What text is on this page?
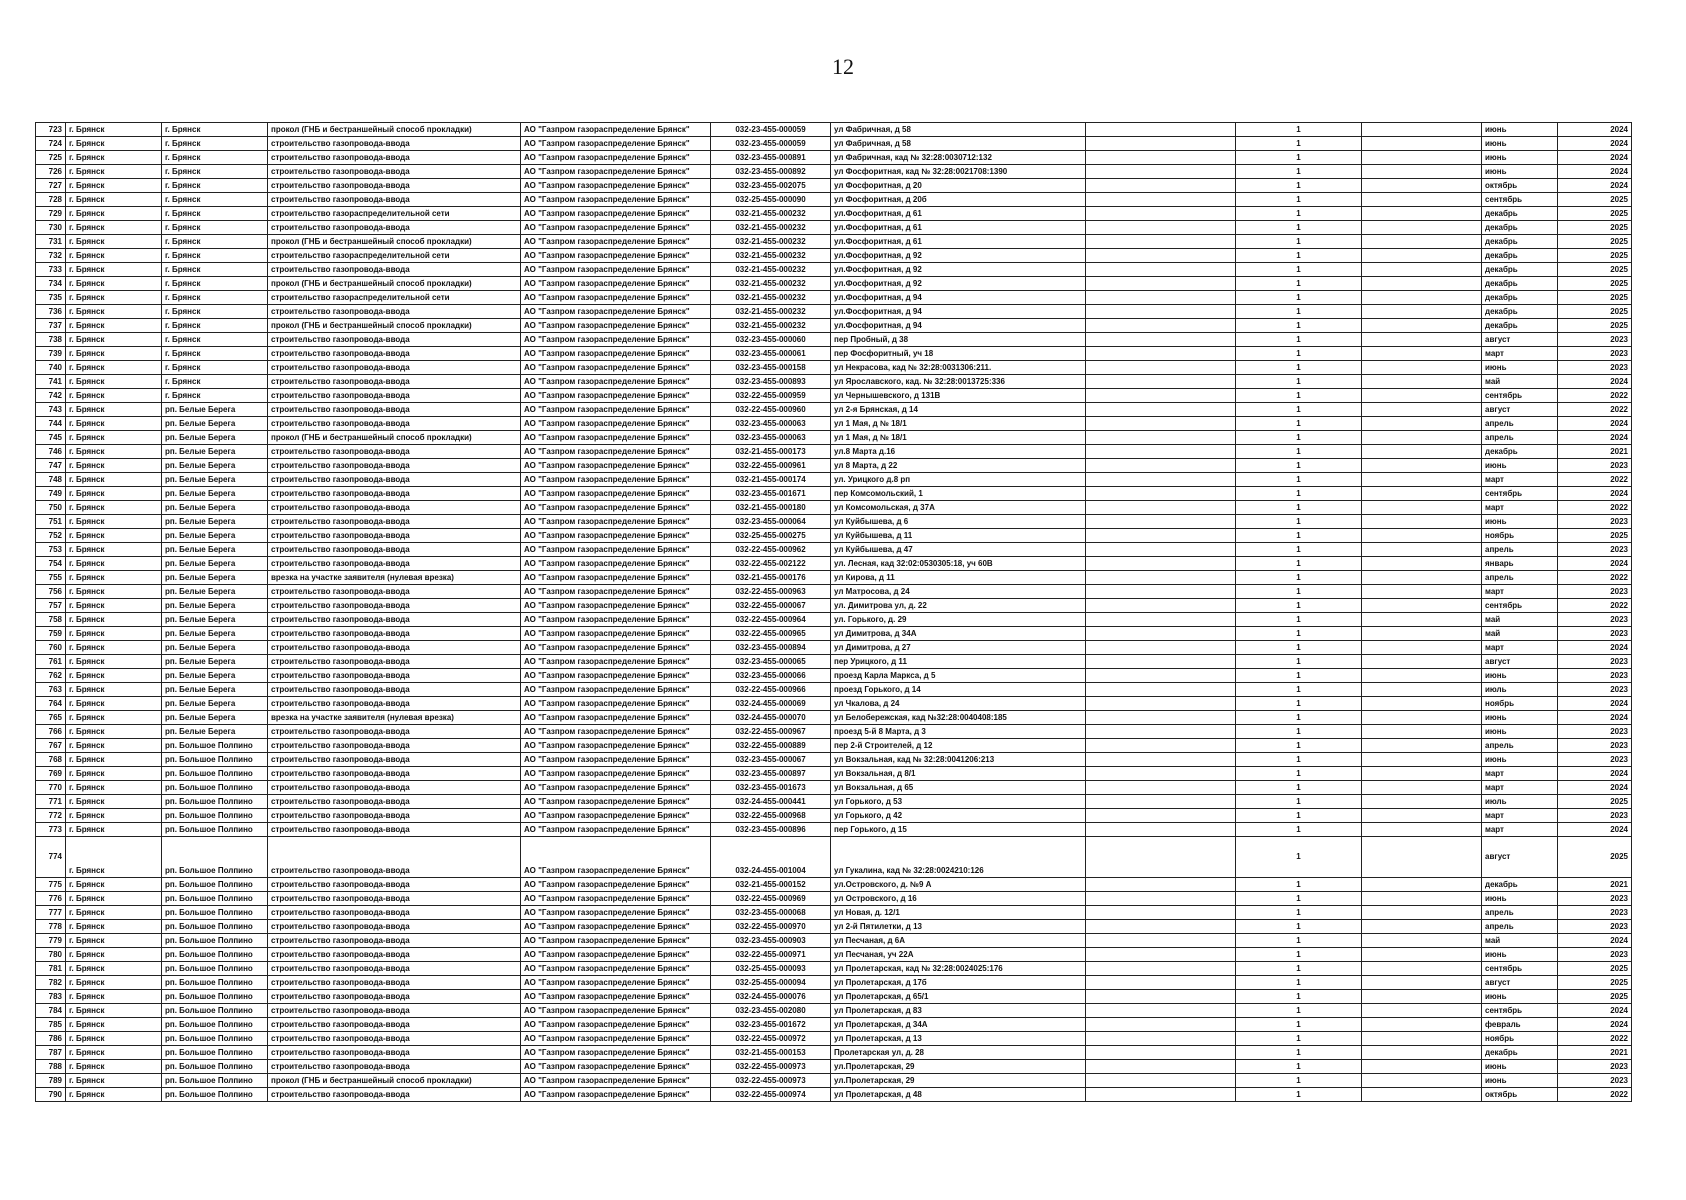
12
723	г. Брянск	г. Брянск	прокол (ГНБ и бестраншейный способ прокладки)	АО "Газпром газораспределение Брянск"	032-23-455-000059	ул Фабричная, д 58		1		июнь	2024
724	г. Брянск	г. Брянск	строительство газопровода-ввода	АО "Газпром газораспределение Брянск"	032-23-455-000059	ул Фабричная, д 58		1		июнь	2024
725	г. Брянск	г. Брянск	строительство газопровода-ввода	АО "Газпром газораспределение Брянск"	032-23-455-000891	ул Фабричная, кад № 32:28:0030712:132		1		июнь	2024
726	г. Брянск	г. Брянск	строительство газопровода-ввода	АО "Газпром газораспределение Брянск"	032-23-455-000892	ул Фосфоритная, кад № 32:28:0021708:1390		1		июнь	2024
727	г. Брянск	г. Брянск	строительство газопровода-ввода	АО "Газпром газораспределение Брянск"	032-23-455-002075	ул Фосфоритная, д 20		1		октябрь	2024
728	г. Брянск	г. Брянск	строительство газопровода-ввода	АО "Газпром газораспределение Брянск"	032-25-455-000090	ул Фосфоритная, д 20б		1		сентябрь	2025
729	г. Брянск	г. Брянск	строительство газораспределительной сети	АО "Газпром газораспределение Брянск"	032-21-455-000232	ул.Фосфоритная, д 61		1		декабрь	2025
730	г. Брянск	г. Брянск	строительство газопровода-ввода	АО "Газпром газораспределение Брянск"	032-21-455-000232	ул.Фосфоритная, д 61		1		декабрь	2025
731	г. Брянск	г. Брянск	прокол (ГНБ и бестраншейный способ прокладки)	АО "Газпром газораспределение Брянск"	032-21-455-000232	ул.Фосфоритная, д 61		1		декабрь	2025
732	г. Брянск	г. Брянск	строительство газораспределительной сети	АО "Газпром газораспределение Брянск"	032-21-455-000232	ул.Фосфоритная, д 92		1		декабрь	2025
733	г. Брянск	г. Брянск	строительство газопровода-ввода	АО "Газпром газораспределение Брянск"	032-21-455-000232	ул.Фосфоритная, д 92		1		декабрь	2025
734	г. Брянск	г. Брянск	прокол (ГНБ и бестраншейный способ прокладки)	АО "Газпром газораспределение Брянск"	032-21-455-000232	ул.Фосфоритная, д 92		1		декабрь	2025
735	г. Брянск	г. Брянск	строительство газораспределительной сети	АО "Газпром газораспределение Брянск"	032-21-455-000232	ул.Фосфоритная, д 94		1		декабрь	2025
736	г. Брянск	г. Брянск	строительство газопровода-ввода	АО "Газпром газораспределение Брянск"	032-21-455-000232	ул.Фосфоритная, д 94		1		декабрь	2025
737	г. Брянск	г. Брянск	прокол (ГНБ и бестраншейный способ прокладки)	АО "Газпром газораспределение Брянск"	032-21-455-000232	ул.Фосфоритная, д 94		1		декабрь	2025
738	г. Брянск	г. Брянск	строительство газопровода-ввода	АО "Газпром газораспределение Брянск"	032-23-455-000060	пер Пробный, д 38		1		август	2023
739	г. Брянск	г. Брянск	строительство газопровода-ввода	АО "Газпром газораспределение Брянск"	032-23-455-000061	пер Фосфоритный, уч 18		1		март	2023
740	г. Брянск	г. Брянск	строительство газопровода-ввода	АО "Газпром газораспределение Брянск"	032-23-455-000158	ул Некрасова, кад № 32:28:0031306:211.		1		июнь	2023
741	г. Брянск	г. Брянск	строительство газопровода-ввода	АО "Газпром газораспределение Брянск"	032-23-455-000893	ул Ярославского, кад. № 32:28:0013725:336		1		май	2024
742	г. Брянск	г. Брянск	строительство газопровода-ввода	АО "Газпром газораспределение Брянск"	032-22-455-000959	ул Чернышевского, д 131В		1		сентябрь	2022
743	г. Брянск	рп. Белые Берега	строительство газопровода-ввода	АО "Газпром газораспределение Брянск"	032-22-455-000960	ул 2-я Брянская, д 14		1		август	2022
744	г. Брянск	рп. Белые Берега	строительство газопровода-ввода	АО "Газпром газораспределение Брянск"	032-23-455-000063	ул 1 Мая, д № 18/1		1		апрель	2024
745	г. Брянск	рп. Белые Берега	прокол (ГНБ и бестраншейный способ прокладки)	АО "Газпром газораспределение Брянск"	032-23-455-000063	ул 1 Мая, д № 18/1		1		апрель	2024
746	г. Брянск	рп. Белые Берега	строительство газопровода-ввода	АО "Газпром газораспределение Брянск"	032-21-455-000173	ул.8 Марта д.16		1		декабрь	2021
747	г. Брянск	рп. Белые Берега	строительство газопровода-ввода	АО "Газпром газораспределение Брянск"	032-22-455-000961	ул 8 Марта, д 22		1		июнь	2023
748	г. Брянск	рп. Белые Берега	строительство газопровода-ввода	АО "Газпром газораспределение Брянск"	032-21-455-000174	ул. Урицкого д.8 рп		1		март	2022
749	г. Брянск	рп. Белые Берега	строительство газопровода-ввода	АО "Газпром газораспределение Брянск"	032-23-455-001671	пер Комсомольский, 1		1		сентябрь	2024
750	г. Брянск	рп. Белые Берега	строительство газопровода-ввода	АО "Газпром газораспределение Брянск"	032-21-455-000180	ул Комсомольская, д 37А		1		март	2022
751	г. Брянск	рп. Белые Берега	строительство газопровода-ввода	АО "Газпром газораспределение Брянск"	032-23-455-000064	ул Куйбышева, д 6		1		июнь	2023
752	г. Брянск	рп. Белые Берега	строительство газопровода-ввода	АО "Газпром газораспределение Брянск"	032-25-455-000275	ул Куйбышева, д 11		1		ноябрь	2025
753	г. Брянск	рп. Белые Берега	строительство газопровода-ввода	АО "Газпром газораспределение Брянск"	032-22-455-000962	ул Куйбышева, д 47		1		апрель	2023
754	г. Брянск	рп. Белые Берега	строительство газопровода-ввода	АО "Газпром газораспределение Брянск"	032-22-455-002122	ул. Лесная, кад 32:02:0530305:18, уч 60В		1		январь	2024
755	г. Брянск	рп. Белые Берега	врезка на участке заявителя (нулевая врезка)	АО "Газпром газораспределение Брянск"	032-21-455-000176	ул Кирова, д 11		1		апрель	2022
756	г. Брянск	рп. Белые Берега	строительство газопровода-ввода	АО "Газпром газораспределение Брянск"	032-22-455-000963	ул Матросова, д 24		1		март	2023
757	г. Брянск	рп. Белые Берега	строительство газопровода-ввода	АО "Газпром газораспределение Брянск"	032-22-455-000067	ул. Димитрова ул, д. 22		1		сентябрь	2022
758	г. Брянск	рп. Белые Берега	строительство газопровода-ввода	АО "Газпром газораспределение Брянск"	032-22-455-000964	ул. Горького, д. 29		1		май	2023
759	г. Брянск	рп. Белые Берега	строительство газопровода-ввода	АО "Газпром газораспределение Брянск"	032-22-455-000965	ул Димитрова, д 34А		1		май	2023
760	г. Брянск	рп. Белые Берега	строительство газопровода-ввода	АО "Газпром газораспределение Брянск"	032-23-455-000894	ул Димитрова, д 27		1		март	2024
761	г. Брянск	рп. Белые Берега	строительство газопровода-ввода	АО "Газпром газораспределение Брянск"	032-23-455-000065	пер Урицкого, д 11		1		август	2023
762	г. Брянск	рп. Белые Берега	строительство газопровода-ввода	АО "Газпром газораспределение Брянск"	032-23-455-000066	проезд Карла Маркса, д 5		1		июнь	2023
763	г. Брянск	рп. Белые Берега	строительство газопровода-ввода	АО "Газпром газораспределение Брянск"	032-22-455-000966	проезд Горького, д 14		1		июль	2023
764	г. Брянск	рп. Белые Берега	строительство газопровода-ввода	АО "Газпром газораспределение Брянск"	032-24-455-000069	ул Чкалова, д 24		1		ноябрь	2024
765	г. Брянск	рп. Белые Берега	врезка на участке заявителя (нулевая врезка)	АО "Газпром газораспределение Брянск"	032-24-455-000070	ул Белобережская, кад №32:28:0040408:185		1		июнь	2024
766	г. Брянск	рп. Белые Берега	строительство газопровода-ввода	АО "Газпром газораспределение Брянск"	032-22-455-000967	проезд 5-й 8 Марта, д 3		1		июнь	2023
767	г. Брянск	рп. Большое Полпино	строительство газопровода-ввода	АО "Газпром газораспределение Брянск"	032-22-455-000889	пер 2-й Строителей, д 12		1		апрель	2023
768	г. Брянск	рп. Большое Полпино	строительство газопровода-ввода	АО "Газпром газораспределение Брянск"	032-23-455-000067	ул Вокзальная, кад № 32:28:0041206:213		1		июнь	2023
769	г. Брянск	рп. Большое Полпино	строительство газопровода-ввода	АО "Газпром газораспределение Брянск"	032-23-455-000897	ул Вокзальная, д 8/1		1		март	2024
770	г. Брянск	рп. Большое Полпино	строительство газопровода-ввода	АО "Газпром газораспределение Брянск"	032-23-455-001673	ул Вокзальная, д 65		1		март	2024
771	г. Брянск	рп. Большое Полпино	строительство газопровода-ввода	АО "Газпром газораспределение Брянск"	032-24-455-000441	ул Горького, д 53		1		июль	2025
772	г. Брянск	рп. Большое Полпино	строительство газопровода-ввода	АО "Газпром газораспределение Брянск"	032-22-455-000968	ул Горького, д 42		1		март	2023
773	г. Брянск	рп. Большое Полпино	строительство газопровода-ввода	АО "Газпром газораспределение Брянск"	032-23-455-000896	пер Горького, д 15		1		март	2024
774	г. Брянск	рп. Большое Полпино	строительство газопровода-ввода	АО "Газпром газораспределение Брянск"	032-24-455-001004	ул Гукалина, кад № 32:28:0024210:126		1		август	2025
775	г. Брянск	рп. Большое Полпино	строительство газопровода-ввода	АО "Газпром газораспределение Брянск"	032-21-455-000152	ул.Островского, д. №9 А		1		декабрь	2021
776	г. Брянск	рп. Большое Полпино	строительство газопровода-ввода	АО "Газпром газораспределение Брянск"	032-22-455-000969	ул Островского, д 16		1		июнь	2023
777	г. Брянск	рп. Большое Полпино	строительство газопровода-ввода	АО "Газпром газораспределение Брянск"	032-23-455-000068	ул Новая, д. 12/1		1		апрель	2023
778	г. Брянск	рп. Большое Полпино	строительство газопровода-ввода	АО "Газпром газораспределение Брянск"	032-22-455-000970	ул 2-й Пятилетки, д 13		1		апрель	2023
779	г. Брянск	рп. Большое Полпино	строительство газопровода-ввода	АО "Газпром газораспределение Брянск"	032-23-455-000903	ул Песчаная, д 6А		1		май	2024
780	г. Брянск	рп. Большое Полпино	строительство газопровода-ввода	АО "Газпром газораспределение Брянск"	032-22-455-000971	ул Песчаная, уч 22А		1		июнь	2023
781	г. Брянск	рп. Большое Полпино	строительство газопровода-ввода	АО "Газпром газораспределение Брянск"	032-25-455-000093	ул Пролетарская, кад № 32:28:0024025:176		1		сентябрь	2025
782	г. Брянск	рп. Большое Полпино	строительство газопровода-ввода	АО "Газпром газораспределение Брянск"	032-25-455-000094	ул Пролетарская, д 17б		1		август	2025
783	г. Брянск	рп. Большое Полпино	строительство газопровода-ввода	АО "Газпром газораспределение Брянск"	032-24-455-000076	ул Пролетарская, д 65/1		1		июнь	2025
784	г. Брянск	рп. Большое Полпино	строительство газопровода-ввода	АО "Газпром газораспределение Брянск"	032-23-455-002080	ул Пролетарская, д 83		1		сентябрь	2024
785	г. Брянск	рп. Большое Полпино	строительство газопровода-ввода	АО "Газпром газораспределение Брянск"	032-23-455-001672	ул Пролетарская, д 34А		1		февраль	2024
786	г. Брянск	рп. Большое Полпино	строительство газопровода-ввода	АО "Газпром газораспределение Брянск"	032-22-455-000972	ул Пролетарская, д 13		1		ноябрь	2022
787	г. Брянск	рп. Большое Полпино	строительство газопровода-ввода	АО "Газпром газораспределение Брянск"	032-21-455-000153	Пролетарская ул, д. 28		1		декабрь	2021
788	г. Брянск	рп. Большое Полпино	строительство газопровода-ввода	АО "Газпром газораспределение Брянск"	032-22-455-000973	ул.Пролетарская, 29		1		июнь	2023
789	г. Брянск	рп. Большое Полпино	прокол (ГНБ и бестраншейный способ прокладки)	АО "Газпром газораспределение Брянск"	032-22-455-000973	ул.Пролетарская, 29		1		июнь	2023
790	г. Брянск	рп. Большое Полпино	строительство газопровода-ввода	АО "Газпром газораспределение Брянск"	032-22-455-000974	ул Пролетарская, д 48		1		октябрь	2022
